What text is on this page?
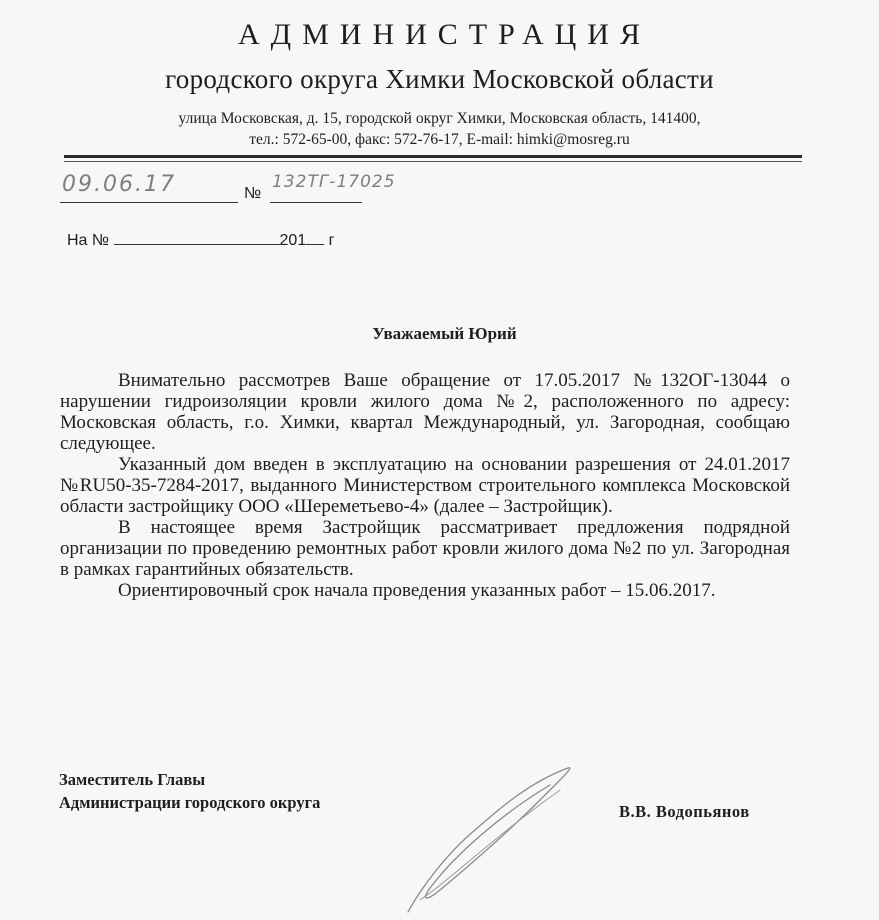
АДМИНИСТРАЦИЯ
городского округа Химки Московской области
улица Московская, д. 15, городской округ Химки, Московская область, 141400,
тел.: 572-65-00, факс: 572-76-17, E-mail: himki@mosreg.ru
09.06.17	№
132ТГ-17025
На №	201 г
Уважаемый Юрий

Внимательно рассмотрев Ваше обращение от 17.05.2017 №132ОГ-13044 о нарушении гидроизоляции кровли жилого дома №2, расположенного по адресу: Московская область, г.о. Химки, квартал Международный, ул. Загородная, сообщаю следующее.

Указанный дом введен в эксплуатацию на основании разрешения от 24.01.2017 №RU50-35-7284-2017, выданного Министерством строительного комплекса Московской области застройщику ООО «Шереметьево-4» (далее – Застройщик).

В настоящее время Застройщик рассматривает предложения подрядной организации по проведению ремонтных работ кровли жилого дома №2 по ул. Загородная в рамках гарантийных обязательств.

Ориентировочный срок начала проведения указанных работ – 15.06.2017.

Заместитель Главы
Администрации городского округа	В.В. Водопьянов
